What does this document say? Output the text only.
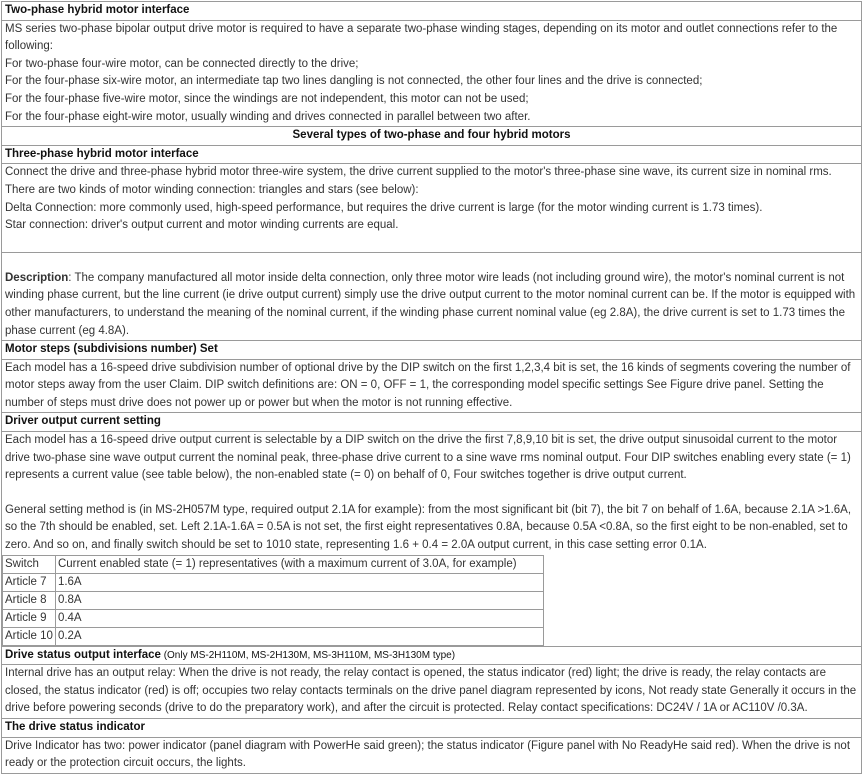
Two-phase hybrid motor interface

MS series two-phase bipolar output drive motor is required to have a separate two-phase winding stages, depending on its motor and outlet connections refer to the following:

For two-phase four-wire motor, can be connected directly to the drive;

For the four-phase six-wire motor, an intermediate tap two lines dangling is not connected, the other four lines and the drive is connected;

For the four-phase five-wire motor, since the windings are not independent, this motor can not be used;

For the four-phase eight-wire motor, usually winding and drives connected in parallel between two after.

Several types of two-phase and four hybrid motors
Three-phase hybrid motor interface

Connect the drive and three-phase hybrid motor three-wire system, the drive current supplied to the motor's three-phase sine wave, its current size in nominal rms. There are two kinds of motor winding connection: triangles and stars (see below):

Delta Connection: more commonly used, high-speed performance, but requires the drive current is large (for the motor winding current is 1.73 times).

Star connection: driver's output current and motor winding currents are equal.

Description: The company manufactured all motor inside delta connection, only three motor wire leads (not including ground wire), the motor's nominal current is not winding phase current, but the line current (ie drive output current) simply use the drive output current to the motor nominal current can be. If the motor is equipped with other manufacturers, to understand the meaning of the nominal current, if the winding phase current nominal value (eg 2.8A), the drive current is set to 1.73 times the phase current (eg 4.8A).

Motor steps (subdivisions number) Set
Each model has a 16-speed drive subdivision number of optional drive by the DIP switch on the first 1,2,3,4 bit is set, the 16 kinds of segments covering the number of motor steps away from the user Claim. DIP switch definitions are: ON = 0, OFF = 1, the corresponding model specific settings See Figure drive panel. Setting the number of steps must drive does not power up or power but when the motor is not running effective.
Driver output current setting

Each model has a 16-speed drive output current is selectable by a DIP switch on the drive the first 7,8,9,10 bit is set, the drive output sinusoidal current to the motor drive two-phase sine wave output current the nominal peak, three-phase drive current to a sine wave rms nominal output. Four DIP switches enabling every state (= 1) represents a current value (see table below), the non-enabled state (= 0) on behalf of 0, Four switches together is drive output current.

General setting method is (in MS-2H057M type, required output 2.1A for example): from the most significant bit (bit 7), the bit 7 on behalf of 1.6A, because 2.1A >1.6A, so the 7th should be enabled, set. Left 2.1A-1.6A = 0.5A is not set, the first eight representatives 0.8A, because 0.5A <0.8A, so the first eight to be non-enabled, set to zero. And so on, and finally switch should be set to 1010 state, representing 1.6 + 0.4 = 2.0A output current, in this case setting error 0.1A.

Switch	Current enabled state (= 1) representatives (with a maximum current of 3.0A, for example)
Article 7	1.6A
Article 8	0.8A
Article 9	0.4A
Article 10	0.2A

Drive status output interface (Only MS-2H110M, MS-2H130M, MS-3H110M, MS-3H130M type)
Internal drive has an output relay: When the drive is not ready, the relay contact is opened, the status indicator (red) light; the drive is ready, the relay contacts are closed, the status indicator (red) is off; occupies two relay contacts terminals on the drive panel diagram represented by icons, Not ready state Generally it occurs in the drive before powering seconds (drive to do the preparatory work), and after the circuit is protected. Relay contact specifications: DC24V / 1A or AC110V /0.3A.
The drive status indicator
Drive Indicator has two: power indicator (panel diagram with PowerHe said green); the status indicator (Figure panel with No ReadyHe said red). When the drive is not ready or the protection circuit occurs, the lights.
